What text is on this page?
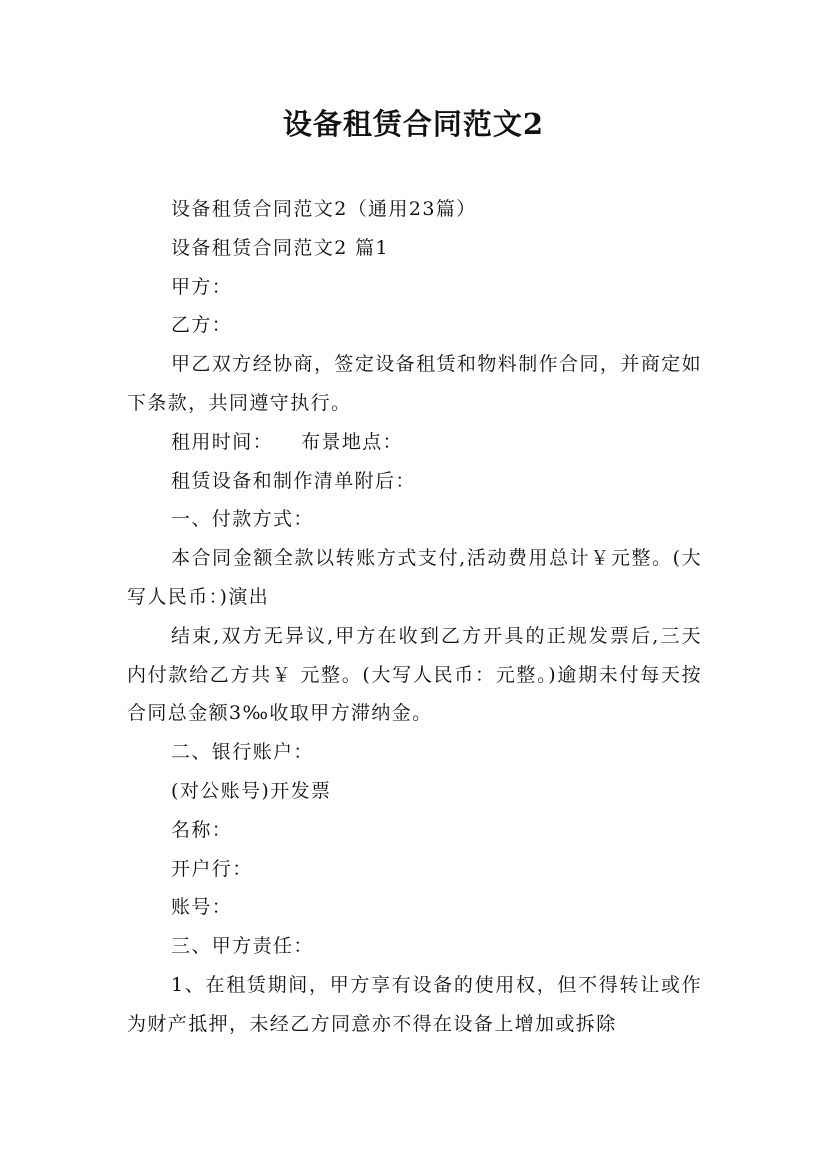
设备租赁合同范文2

设备租赁合同范文2（通用23篇）

设备租赁合同范文2 篇1

甲方：

乙方：

甲乙双方经协商，签定设备租赁和物料制作合同，并商定如下条款，共同遵守执行。

租用时间： 布景地点：

租赁设备和制作清单附后：

一、付款方式：

本合同金额全款以转账方式支付,活动费用总计￥元整。(大写人民币：)演出

结束,双方无异议,甲方在收到乙方开具的正规发票后,三天内付款给乙方共￥ 元整。(大写人民币：元整。)逾期未付每天按合同总金额3‰收取甲方滞纳金。

二、银行账户：

(对公账号)开发票

名称：

开户行：

账号：

三、甲方责任：

1、在租赁期间，甲方享有设备的使用权，但不得转让或作为财产抵押，未经乙方同意亦不得在设备上增加或拆除
